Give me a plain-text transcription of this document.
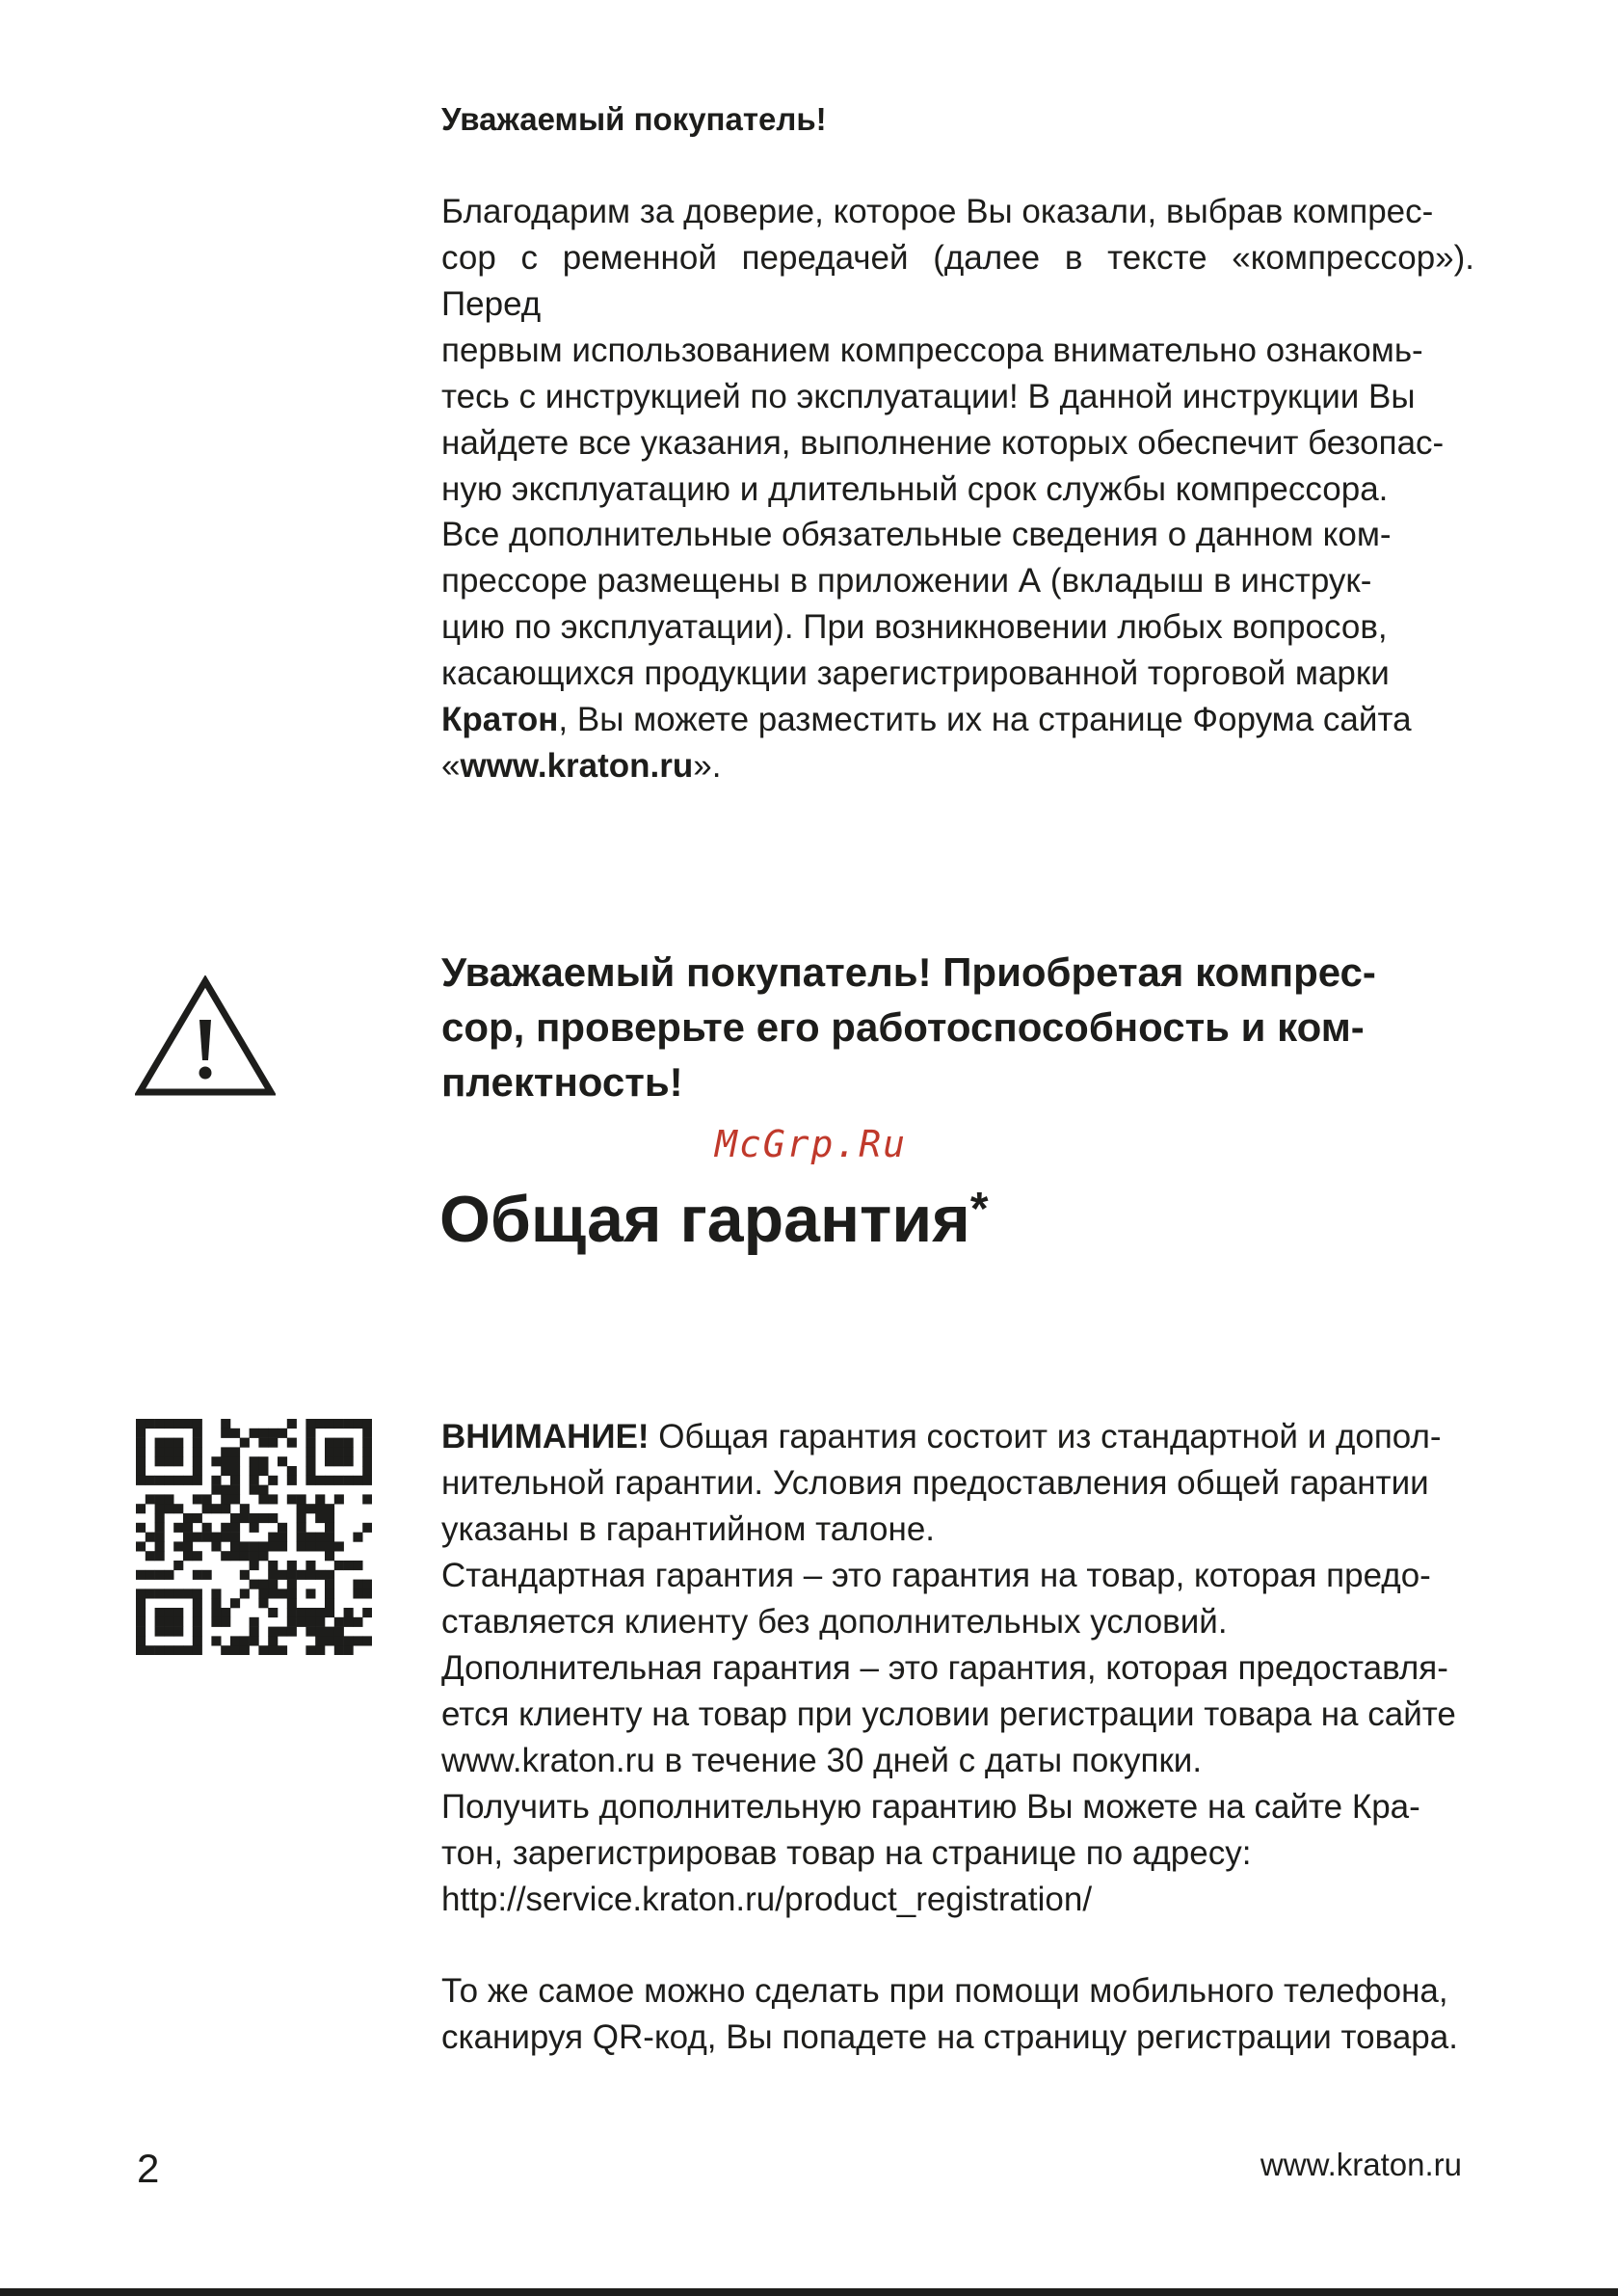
Уважаемый покупатель!

Благодарим за доверие, которое Вы оказали, выбрав компрес-
сор с ременной передачей (далее в тексте «компрессор»). Перед
первым использованием компрессора внимательно ознакомь-
тесь с инструкцией по эксплуатации! В данной инструкции Вы
найдете все указания, выполнение которых обеспечит безопас-
ную эксплуатацию и длительный срок службы компрессора.

Все дополнительные обязательные сведения о данном ком-
прессоре размещены в приложении А (вкладыш в инструк-
цию по эксплуатации). При возникновении любых вопросов,
касающихся продукции зарегистрированной торговой марки
Кратон, Вы можете разместить их на странице Форума сайта
«www.kraton.ru».

Уважаемый покупатель! Приобретая компрес-
сор, проверьте его работоспособность и ком-
плектность!

McGrp.Ru
Общая гарантия*

ВНИМАНИЕ! Общая гарантия состоит из стандартной и допол-
нительной гарантии. Условия предоставления общей гарантии
указаны в гарантийном талоне.
Стандартная гарантия – это гарантия на товар, которая предо-
ставляется клиенту без дополнительных условий.
Дополнительная гарантия – это гарантия, которая предоставля-
ется клиенту на товар при условии регистрации товара на сайте
www.kraton.ru в течение 30 дней с даты покупки.
Получить дополнительную гарантию Вы можете на сайте Кра-
тон, зарегистрировав товар на странице по адресу:
http://service.kraton.ru/product_registration/

То же самое можно сделать при помощи мобильного телефона,
сканируя QR-код, Вы попадете на страницу регистрации товара.

2	www.kraton.ru
